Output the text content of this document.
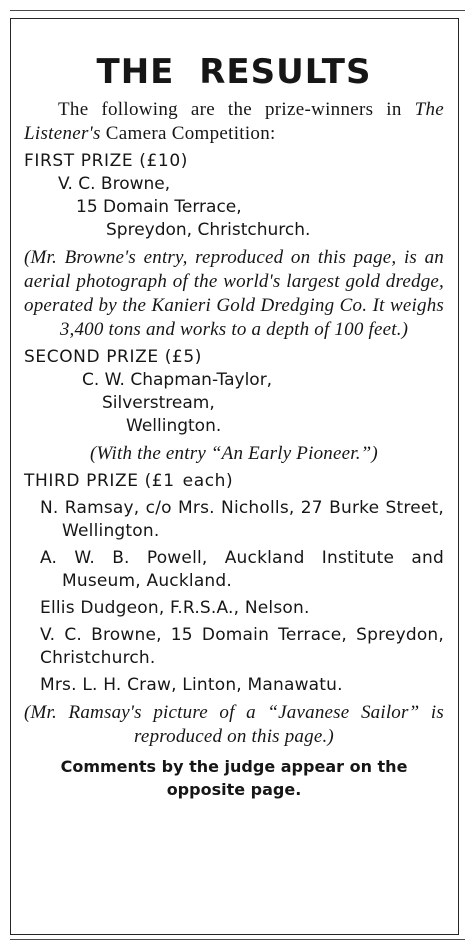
THE RESULTS
The following are the prize-winners in The Listener's Camera Competition:
FIRST PRIZE (£10)
V. C. Browne,
15 Domain Terrace,
Spreydon, Christchurch.
(Mr. Browne's entry, reproduced on this page, is an aerial photograph of the world's largest gold dredge, operated by the Kanieri Gold Dredging Co. It weighs 3,400 tons and works to a depth of 100 feet.)
SECOND PRIZE (£5)
C. W. Chapman-Taylor,
Silverstream,
Wellington.
(With the entry “An Early Pioneer.”)
THIRD PRIZE (£1 each)
N. Ramsay, c/o Mrs. Nicholls, 27 Burke Street, Wellington.
A. W. B. Powell, Auckland Institute and Museum, Auckland.
Ellis Dudgeon, F.R.S.A., Nelson.
V. C. Browne, 15 Domain Terrace, Spreydon, Christchurch.
Mrs. L. H. Craw, Linton, Manawatu.
(Mr. Ramsay's picture of a “Javanese Sailor” is reproduced on this page.)
Comments by the judge appear on the opposite page.
